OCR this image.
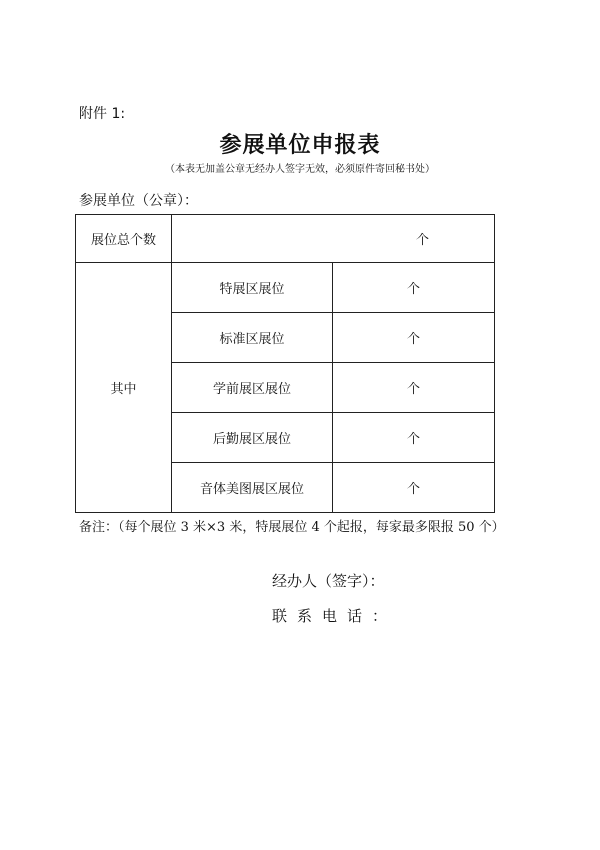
附件 1:
参展单位申报表
（本表无加盖公章无经办人签字无效，必须原件寄回秘书处）
参展单位（公章）：
展位总个数	个	
其中	特展区展位	个
	标准区展位	个
	学前展区展位	个
	后勤展区展位	个
	音体美图展区展位	个
备注：（每个展位 3 米×3 米，特展展位 4 个起报，每家最多限报 50 个）
经办人（签字）：
联系电话：
